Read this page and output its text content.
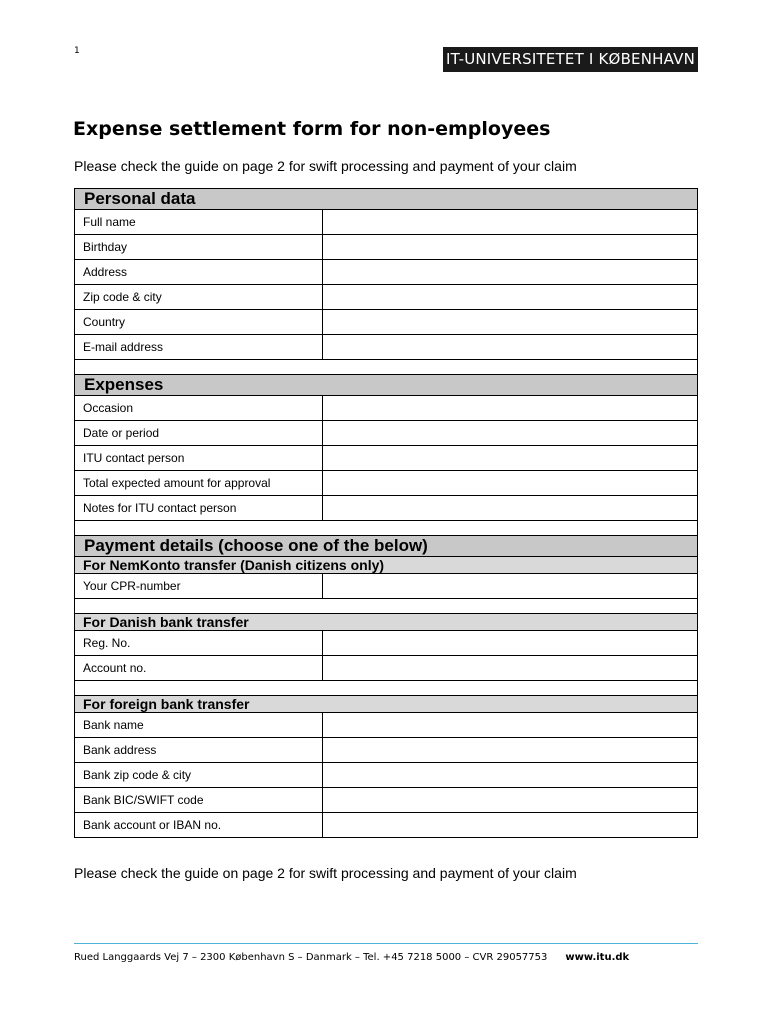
1	IT-UNIVERSITETET I KØBENHAVN
Expense settlement form for non-employees
Please check the guide on page 2 for swift processing and payment of your claim
Personal data
Full name
Birthday
Address
Zip code & city
Country
E-mail address
Expenses
Occasion
Date or period
ITU contact person
Total expected amount for approval
Notes for ITU contact person
Payment details (choose one of the below)
For NemKonto transfer (Danish citizens only)
Your CPR-number
For Danish bank transfer
Reg. No.
Account no.
For foreign bank transfer
Bank name
Bank address
Bank zip code & city
Bank BIC/SWIFT code
Bank account or IBAN no.
Please check the guide on page 2 for swift processing and payment of your claim
Rued Langgaards Vej 7 – 2300 København S – Danmark – Tel. +45 7218 5000 – CVR 29057753 www.itu.dk
